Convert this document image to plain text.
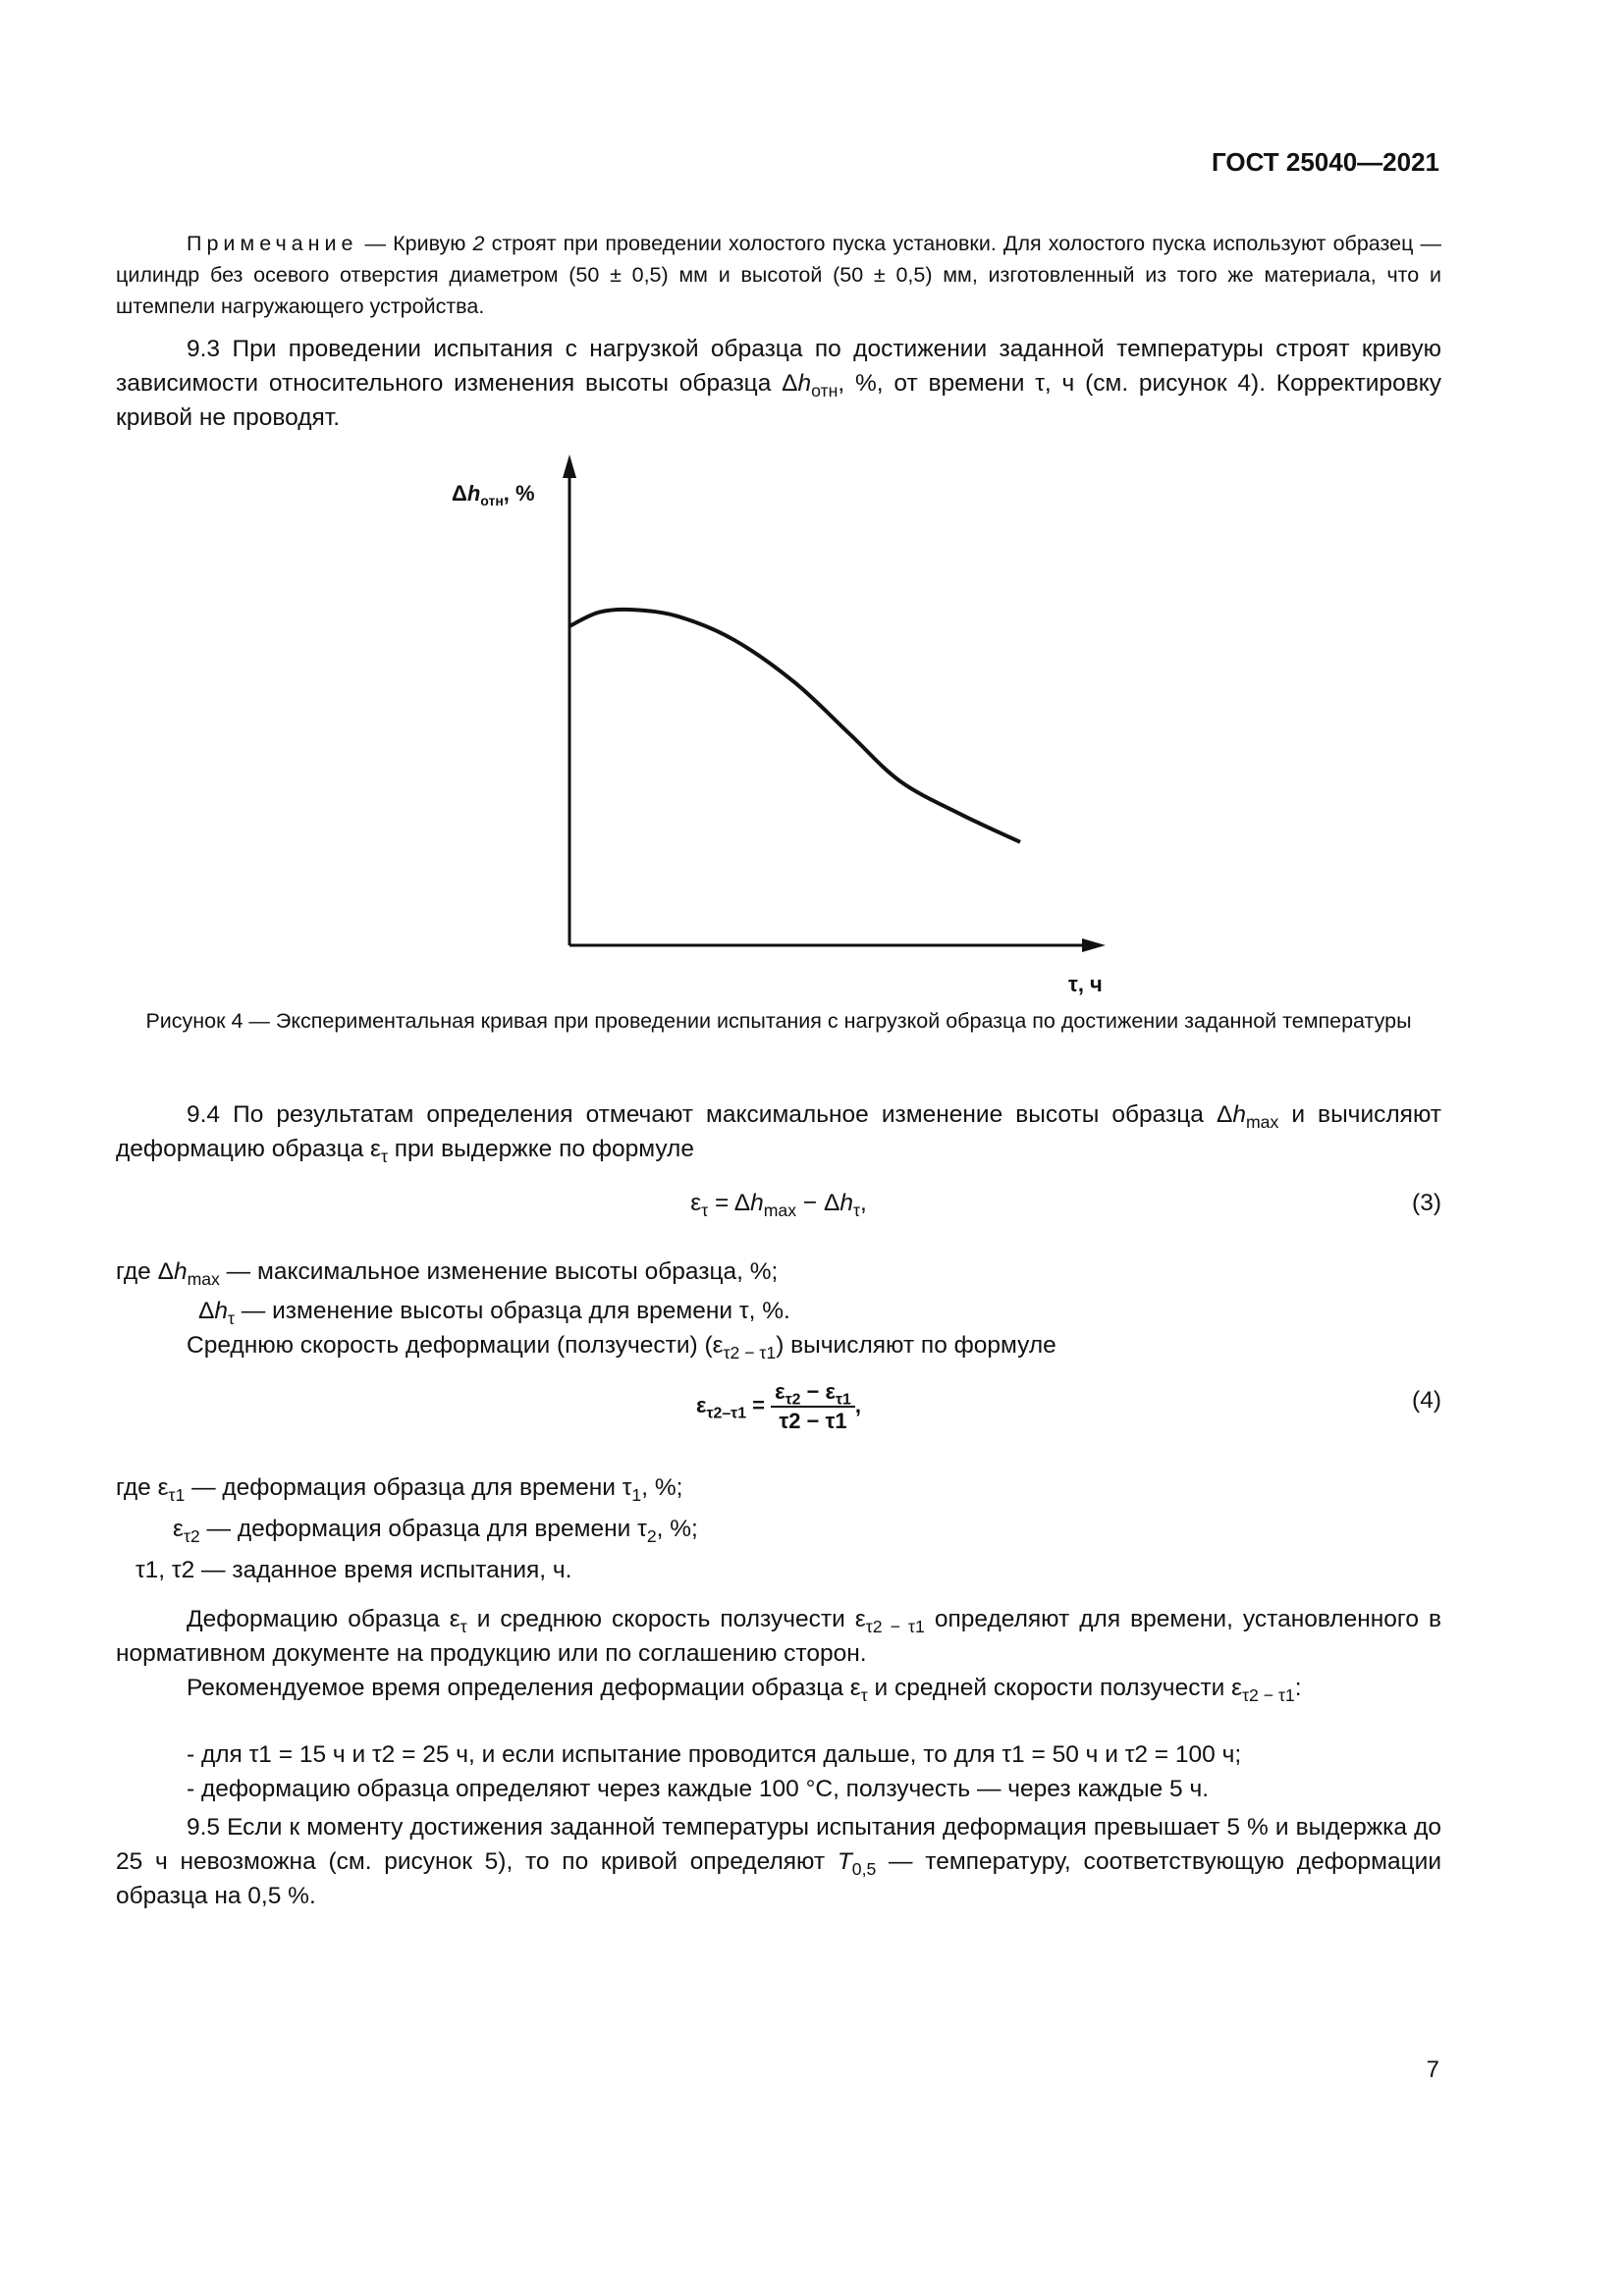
ГОСТ 25040—2021
Примечание — Кривую 2 строят при проведении холостого пуска установки. Для холостого пуска используют образец — цилиндр без осевого отверстия диаметром (50 ± 0,5) мм и высотой (50 ± 0,5) мм, изготовленный из того же материала, что и штемпели нагружающего устройства.
9.3 При проведении испытания с нагрузкой образца по достижении заданной температуры строят кривую зависимости относительного изменения высоты образца $\Delta h_{отн}$, %, от времени τ, ч (см. рисунок 4). Корректировку кривой не проводят.
$\Delta h_{отн}$, %
τ, ч
Рисунок 4 — Экспериментальная кривая при проведении испытания с нагрузкой образца по достижении заданной температуры
9.4 По результатам определения отмечают максимальное изменение высоты образца $\Delta h_{max}$ и вычисляют деформацию образца $\varepsilon_\tau$ при выдержке по формуле
$\varepsilon_\tau = \Delta h_{max} - \Delta h_\tau$,	(3)
где $\Delta h_{max}$ — максимальное изменение высоты образца, %;
$\Delta h_\tau$ — изменение высоты образца для времени τ, %.
Среднюю скорость деформации (ползучести) $(\varepsilon_{\tau 2 - \tau 1})$ вычисляют по формуле
$\varepsilon_{\tau 2-\tau 1} = \frac{\varepsilon_{\tau 2} - \varepsilon_{\tau 1}}{\tau 2 - \tau 1}$ ,	(4)
где $\varepsilon_{\tau 1}$ — деформация образца для времени $\tau_1$, %;
$\varepsilon_{\tau 2}$ — деформация образца для времени $\tau_2$, %;
τ1, τ2 — заданное время испытания, ч.
Деформацию образца $\varepsilon_\tau$ и среднюю скорость ползучести $\varepsilon_{\tau 2 - \tau 1}$ определяют для времени, установленного в нормативном документе на продукцию или по соглашению сторон.
Рекомендуемое время определения деформации образца $\varepsilon_\tau$ и средней скорости ползучести $\varepsilon_{\tau 2 - \tau 1}$:
- для τ1 = 15 ч и τ2 = 25 ч, и если испытание проводится дальше, то для τ1 = 50 ч и τ2 = 100 ч;
- деформацию образца определяют через каждые 100 °С, ползучесть — через каждые 5 ч.
9.5 Если к моменту достижения заданной температуры испытания деформация превышает 5 % и выдержка до 25 ч невозможна (см. рисунок 5), то по кривой определяют $T_{0,5}$ — температуру, соответствующую деформации образца на 0,5 %.
7
